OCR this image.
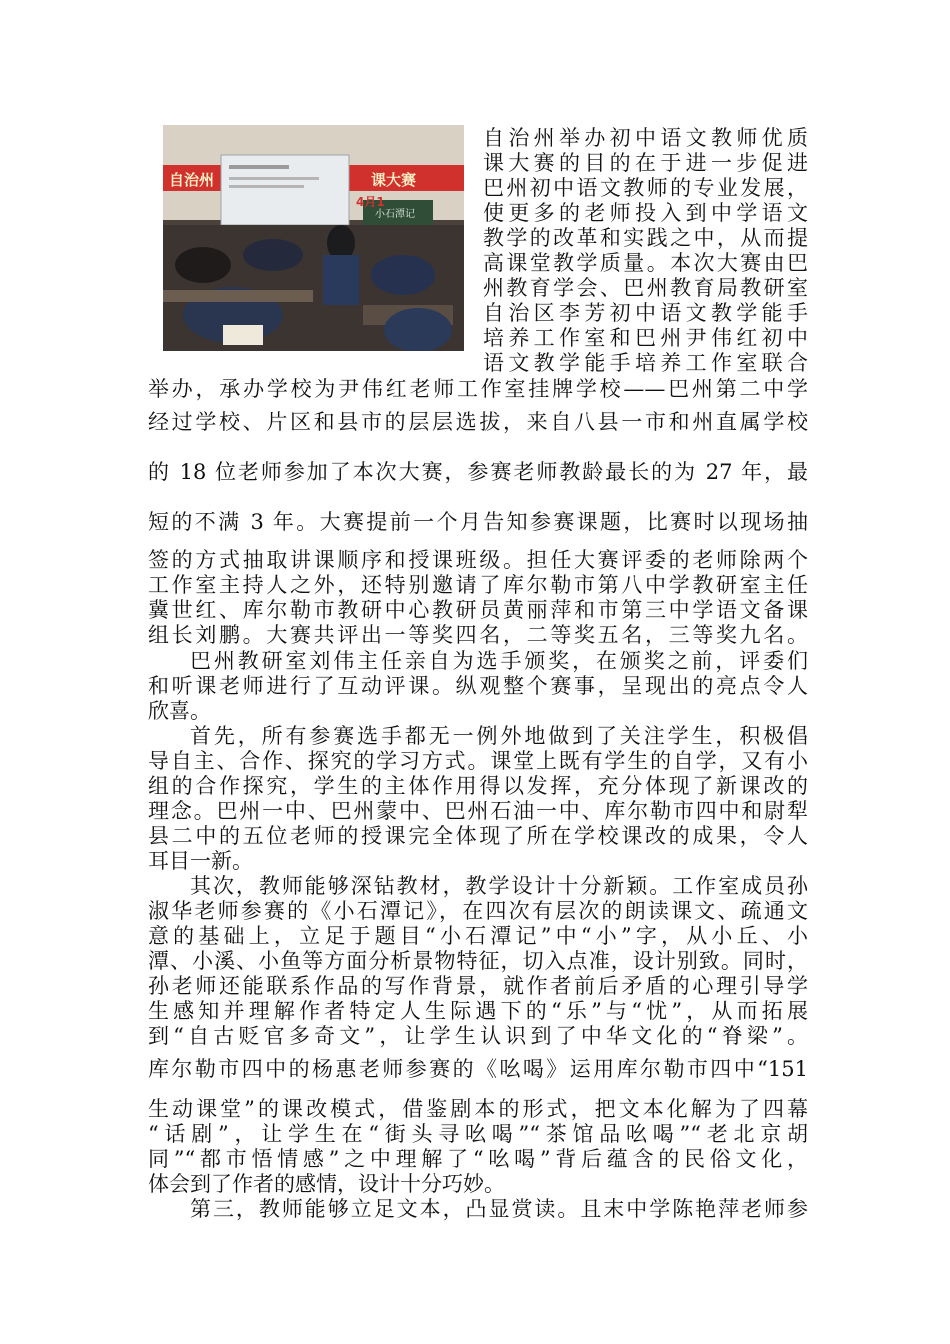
自治州	课大赛
4月1
小石潭记
自治州举办初中语文教师优质
课大赛的目的在于进一步促进
巴州初中语文教师的专业发展，
使更多的老师投入到中学语文
教学的改革和实践之中，从而提
高课堂教学质量。本次大赛由巴
州教育学会、巴州教育局教研室
自治区李芳初中语文教学能手
培养工作室和巴州尹伟红初中
语文教学能手培养工作室联合
举办，承办学校为尹伟红老师工作室挂牌学校——巴州第二中学
经过学校、片区和县市的层层选拔，来自八县一市和州直属学校
的 18 位老师参加了本次大赛，参赛老师教龄最长的为 27 年，最
短的不满 3 年。大赛提前一个月告知参赛课题，比赛时以现场抽
签的方式抽取讲课顺序和授课班级。担任大赛评委的老师除两个
工作室主持人之外，还特别邀请了库尔勒市第八中学教研室主任
冀世红、库尔勒市教研中心教研员黄丽萍和市第三中学语文备课
组长刘鹏。大赛共评出一等奖四名，二等奖五名，三等奖九名。
巴州教研室刘伟主任亲自为选手颁奖，在颁奖之前，评委们
和听课老师进行了互动评课。纵观整个赛事，呈现出的亮点令人
欣喜。
首先，所有参赛选手都无一例外地做到了关注学生，积极倡
导自主、合作、探究的学习方式。课堂上既有学生的自学，又有小
组的合作探究，学生的主体作用得以发挥，充分体现了新课改的
理念。巴州一中、巴州蒙中、巴州石油一中、库尔勒市四中和尉犁
县二中的五位老师的授课完全体现了所在学校课改的成果，令人
耳目一新。
其次，教师能够深钻教材，教学设计十分新颖。工作室成员孙
淑华老师参赛的《小石潭记》，在四次有层次的朗读课文、疏通文
意的基础上，立足于题目“小石潭记”中“小”字，从小丘、小
潭、小溪、小鱼等方面分析景物特征，切入点准，设计别致。同时，
孙老师还能联系作品的写作背景，就作者前后矛盾的心理引导学
生感知并理解作者特定人生际遇下的“乐”与“忧”，从而拓展
到“自古贬官多奇文”，让学生认识到了中华文化的“脊梁”。
库尔勒市四中的杨惠老师参赛的《吆喝》运用库尔勒市四中“151
生动课堂”的课改模式，借鉴剧本的形式，把文本化解为了四幕
“话剧”，让学生在“街头寻吆喝”“茶馆品吆喝”“老北京胡
同”“都市悟情感”之中理解了“吆喝”背后蕴含的民俗文化，
体会到了作者的感情，设计十分巧妙。
第三，教师能够立足文本，凸显赏读。且末中学陈艳萍老师参
